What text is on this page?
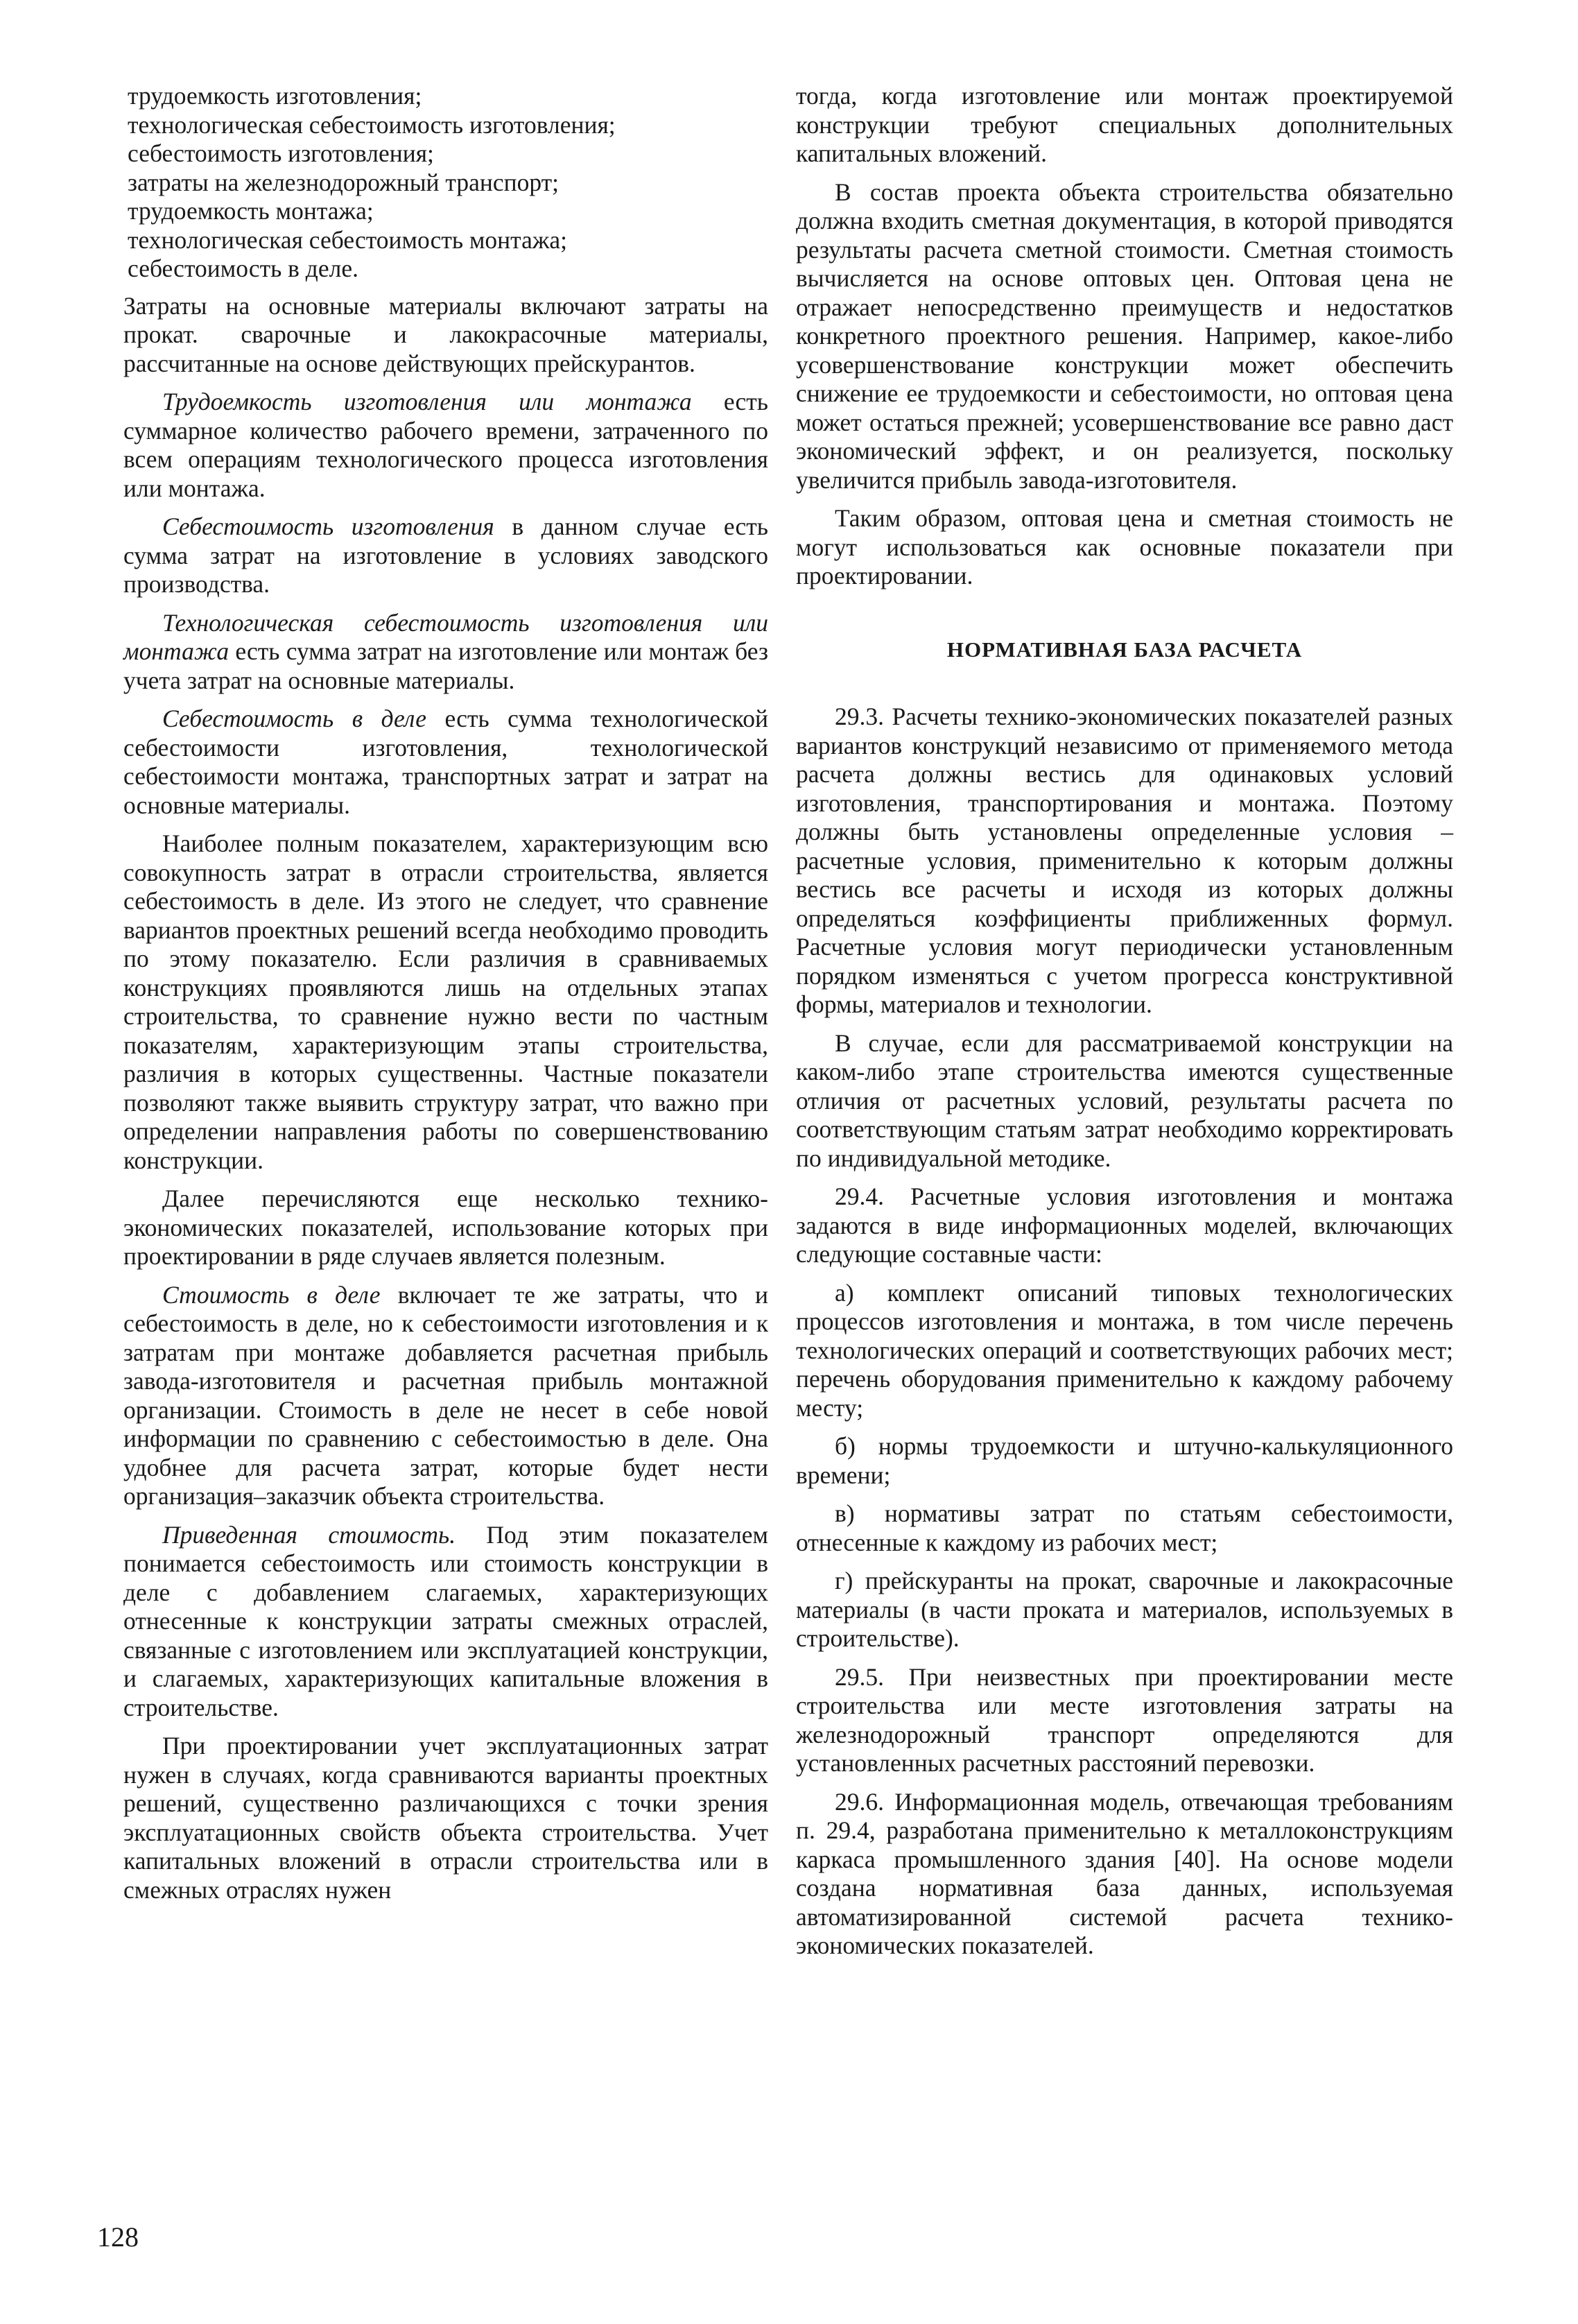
трудоемкость изготовления;
технологическая себестоимость изготовления;
себестоимость изготовления;
затраты на железнодорожный транспорт;
трудоемкость монтажа;
технологическая себестоимость монтажа;
себестоимость в деле.

Затраты на основные материалы включают затраты на прокат. сварочные и лакокрасочные материалы, рассчитанные на основе действующих прейскурантов.

Трудоемкость изготовления или монтажа есть суммарное количество рабочего времени, затраченного по всем операциям технологического процесса изготовления или монтажа.

Себестоимость изготовления в данном случае есть сумма затрат на изготовление в условиях заводского производства.

Технологическая себестоимость изготовления или монтажа есть сумма затрат на изготовление или монтаж без учета затрат на основные материалы.

Себестоимость в деле есть сумма технологической себестоимости изготовления, технологической себестоимости монтажа, транспортных затрат и затрат на основные материалы.

Наиболее полным показателем, характеризующим всю совокупность затрат в отрасли строительства, является себестоимость в деле. Из этого не следует, что сравнение вариантов проектных решений всегда необходимо проводить по этому показателю. Если различия в сравниваемых конструкциях проявляются лишь на отдельных этапах строительства, то сравнение нужно вести по частным показателям, характеризующим этапы строительства, различия в которых существенны. Частные показатели позволяют также выявить структуру затрат, что важно при определении направления работы по совершенствованию конструкции.

Далее перечисляются еще несколько технико-экономических показателей, использование которых при проектировании в ряде случаев является полезным.

Стоимость в деле включает те же затраты, что и себестоимость в деле, но к себестоимости изготовления и к затратам при монтаже добавляется расчетная прибыль завода-изготовителя и расчетная прибыль монтажной организации. Стоимость в деле не несет в себе новой информации по сравнению с себестоимостью в деле. Она удобнее для расчета затрат, которые будет нести организация–заказчик объекта строительства.

Приведенная стоимость. Под этим показателем понимается себестоимость или стоимость конструкции в деле с добавлением слагаемых, характеризующих отнесенные к конструкции затраты смежных отраслей, связанные с изготовлением или эксплуатацией конструкции, и слагаемых, характеризующих капитальные вложения в строительстве.

При проектировании учет эксплуатационных затрат нужен в случаях, когда сравниваются варианты проектных решений, существенно различающихся с точки зрения эксплуатационных свойств объекта строительства. Учет капитальных вложений в отрасли строительства или в смежных отраслях нужен

тогда, когда изготовление или монтаж проектируемой конструкции требуют специальных дополнительных капитальных вложений.

В состав проекта объекта строительства обязательно должна входить сметная документация, в которой приводятся результаты расчета сметной стоимости. Сметная стоимость вычисляется на основе оптовых цен. Оптовая цена не отражает непосредственно преимуществ и недостатков конкретного проектного решения. Например, какое-либо усовершенствование конструкции может обеспечить снижение ее трудоемкости и себестоимости, но оптовая цена может остаться прежней; усовершенствование все равно даст экономический эффект, и он реализуется, поскольку увеличится прибыль завода-изготовителя.

Таким образом, оптовая цена и сметная стоимость не могут использоваться как основные показатели при проектировании.

НОРМАТИВНАЯ БАЗА РАСЧЕТА

29.3. Расчеты технико-экономических показателей разных вариантов конструкций независимо от применяемого метода расчета должны вестись для одинаковых условий изготовления, транспортирования и монтажа. Поэтому должны быть установлены определенные условия – расчетные условия, применительно к которым должны вестись все расчеты и исходя из которых должны определяться коэффициенты приближенных формул. Расчетные условия могут периодически установленным порядком изменяться с учетом прогресса конструктивной формы, материалов и технологии.

В случае, если для рассматриваемой конструкции на каком-либо этапе строительства имеются существенные отличия от расчетных условий, результаты расчета по соответствующим статьям затрат необходимо корректировать по индивидуальной методике.

29.4. Расчетные условия изготовления и монтажа задаются в виде информационных моделей, включающих следующие составные части:

а) комплект описаний типовых технологических процессов изготовления и монтажа, в том числе перечень технологических операций и соответствующих рабочих мест; перечень оборудования применительно к каждому рабочему месту;

б) нормы трудоемкости и штучно-калькуляционного времени;

в) нормативы затрат по статьям себестоимости, отнесенные к каждому из рабочих мест;

г) прейскуранты на прокат, сварочные и лакокрасочные материалы (в части проката и материалов, используемых в строительстве).

29.5. При неизвестных при проектировании месте строительства или месте изготовления затраты на железнодорожный транспорт определяются для установленных расчетных расстояний перевозки.

29.6. Информационная модель, отвечающая требованиям п. 29.4, разработана применительно к металлоконструкциям каркаса промышленного здания [40]. На основе модели создана нормативная база данных, используемая автоматизированной системой расчета технико-экономических показателей.

128
